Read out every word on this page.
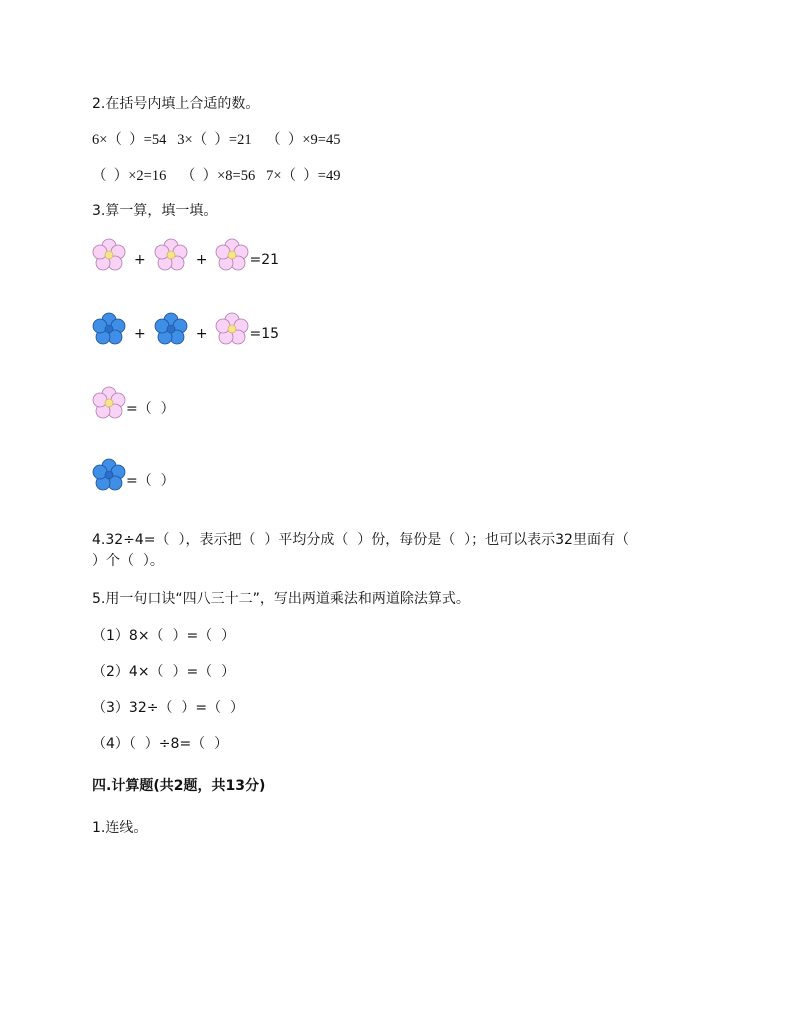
2.在括号内填上合适的数。
6×（  ）=54   3×（  ）=21    （  ）×9=45
（  ）×2=16    （  ）×8=56   7×（  ）=49
3.算一算，填一填。
+	+	=21
+	+	=15
=（  ）
=（  ）
4.32÷4=（  ），表示把（  ）平均分成（  ）份，每份是（  ）；也可以表示32里面有（
）个（  ）。
5.用一句口诀“四八三十二”，写出两道乘法和两道除法算式。
（1）8×（  ）=（  ）
（2）4×（  ）=（  ）
（3）32÷（  ）=（  ）
（4）（  ）÷8=（  ）
四.计算题(共2题，共13分)
1.连线。
